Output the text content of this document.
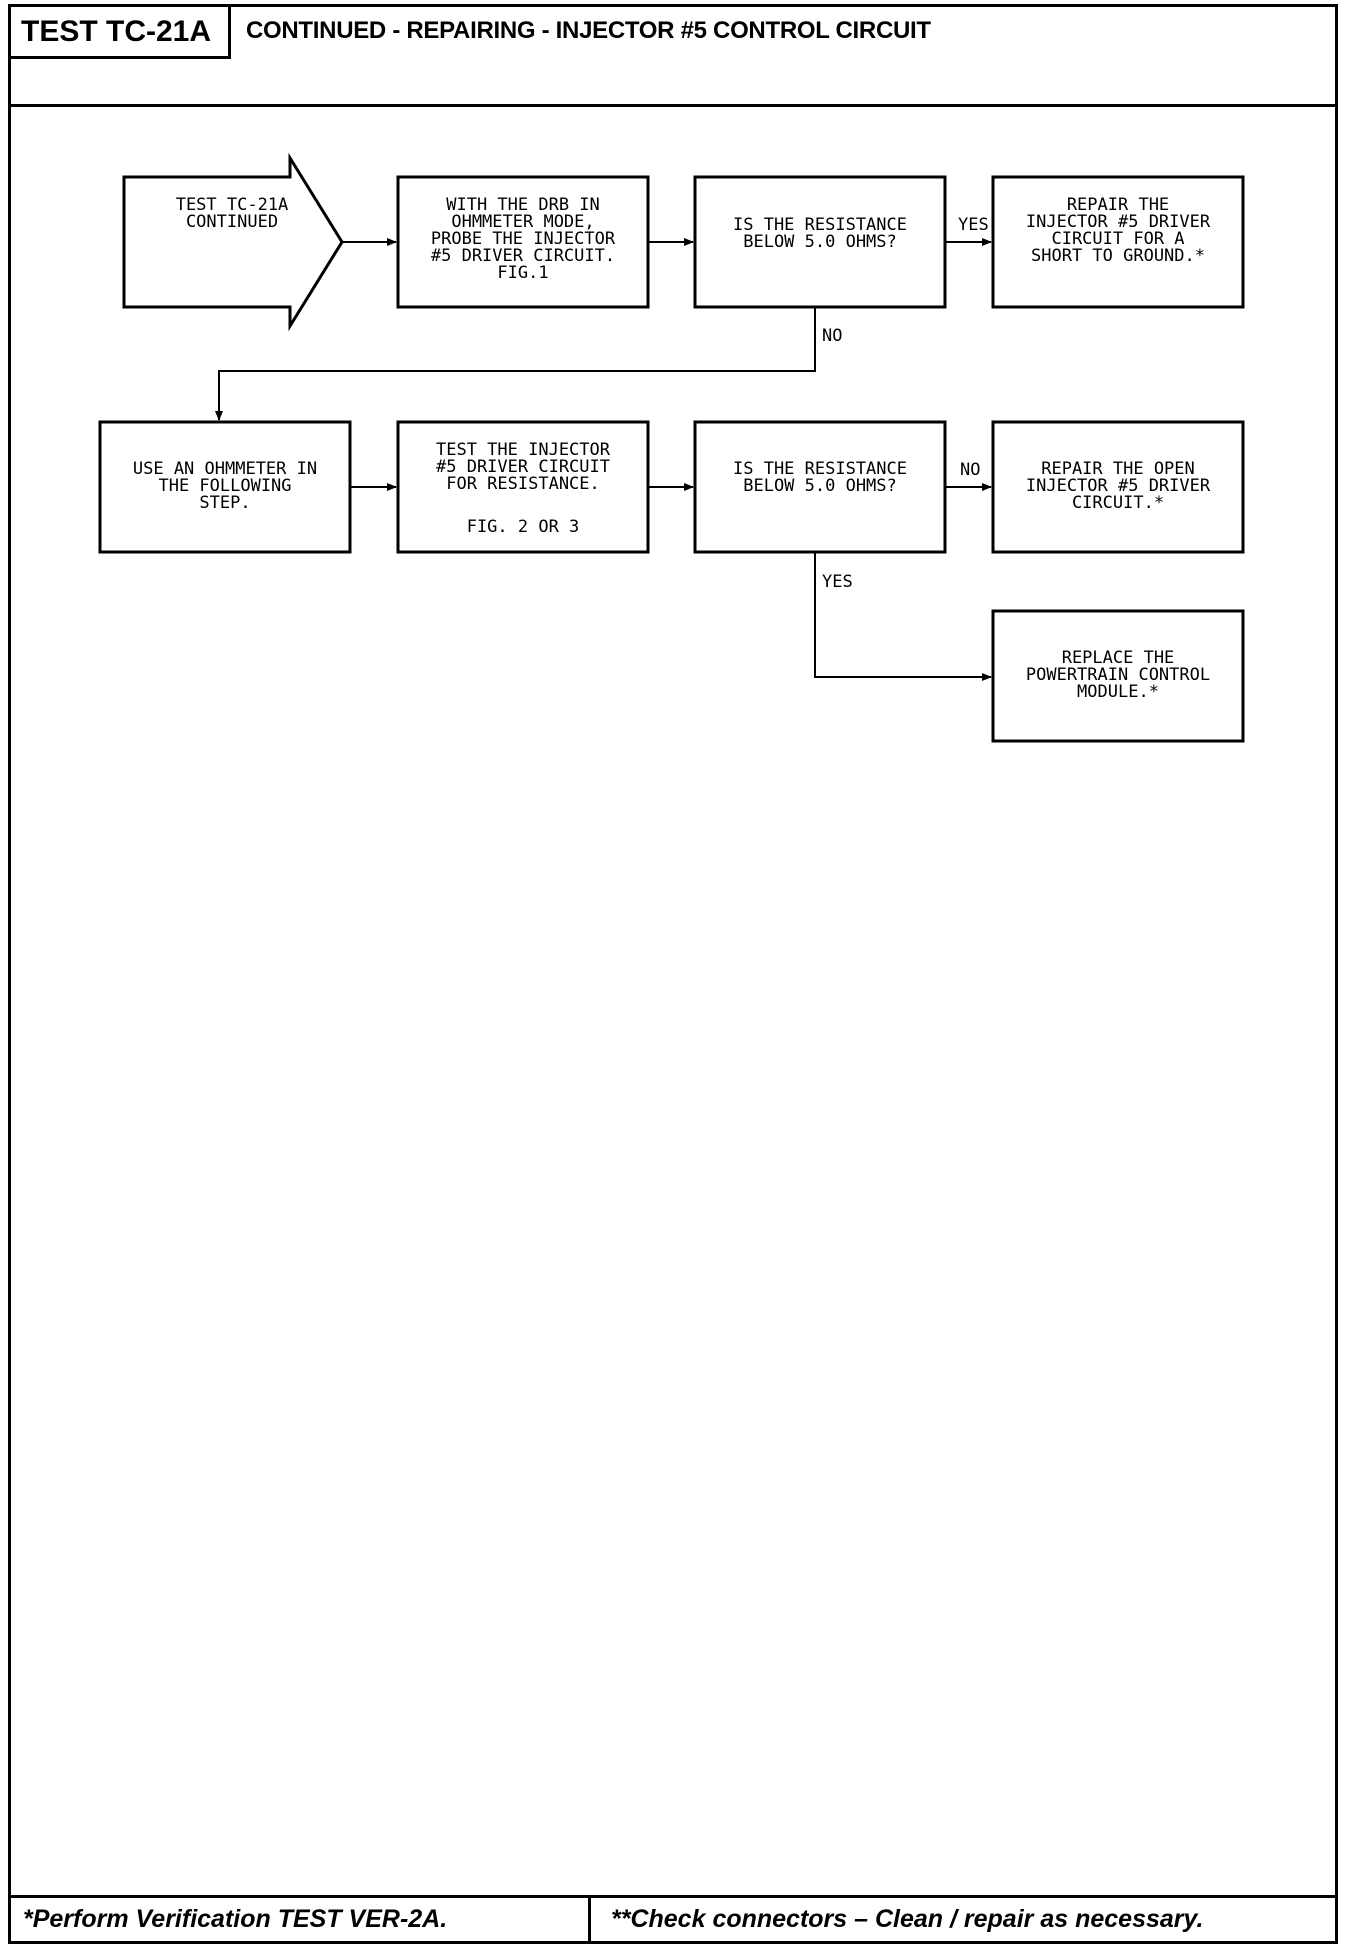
TEST TC-21A	CONTINUED - REPAIRING - INJECTOR #5 CONTROL CIRCUIT
*Perform Verification TEST VER-2A.	**Check connectors – Clean / repair as necessary.
TEST TC-21A CONTINUED
WITH THE DRB IN OHMMETER MODE, PROBE THE INJECTOR #5 DRIVER CIRCUIT. FIG.1
IS THE RESISTANCE BELOW 5.0 OHMS?
REPAIR THE INJECTOR #5 DRIVER CIRCUIT FOR A SHORT TO GROUND.*
YES
NO
USE AN OHMMETER IN THE FOLLOWING STEP.
TEST THE INJECTOR #5 DRIVER CIRCUIT FOR RESISTANCE.
FIG. 2 OR 3
IS THE RESISTANCE BELOW 5.0 OHMS?
REPAIR THE OPEN INJECTOR #5 DRIVER CIRCUIT.*
NO
YES
REPLACE THE POWERTRAIN CONTROL MODULE.*
